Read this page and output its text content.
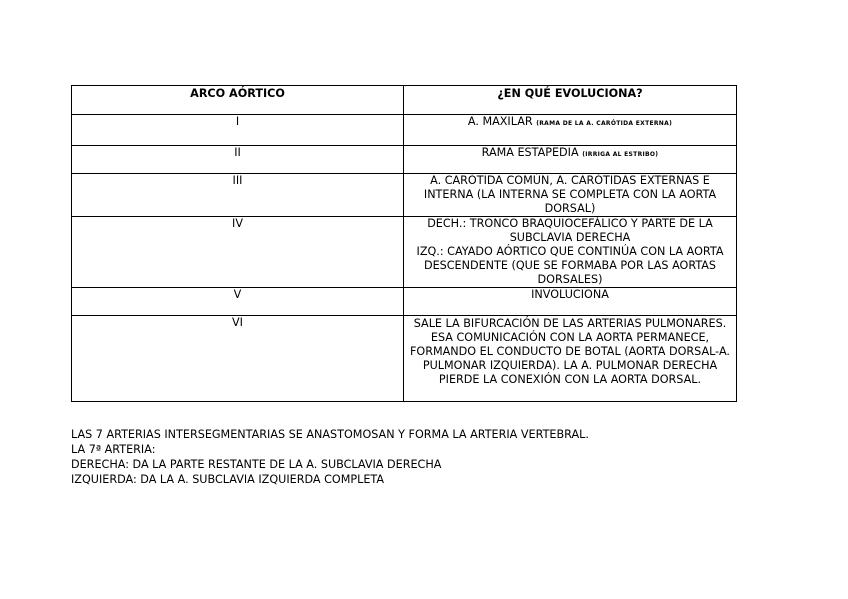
ARCO AÓRTICO	¿EN QUÉ EVOLUCIONA?
I	A. MAXILAR (RAMA DE LA A. CARÓTIDA EXTERNA)
II	RAMA ESTAPEDIA (IRRIGA AL ESTRIBO)
III	A. CARÓTIDA COMÚN, A. CARÓTIDAS EXTERNAS E INTERNA (LA INTERNA SE COMPLETA CON LA AORTA DORSAL)
IV	DECH.: TRONCO BRAQUIOCEFÁLICO Y PARTE DE LA SUBCLAVIA DERECHA
IZQ.: CAYADO AÓRTICO QUE CONTINÚA CON LA AORTA DESCENDENTE (QUE SE FORMABA POR LAS AORTAS DORSALES)

V	INVOLUCIONA
VI	SALE LA BIFURCACIÓN DE LAS ARTERIAS PULMONARES. ESA COMUNICACIÓN CON LA AORTA PERMANECE, FORMANDO EL CONDUCTO DE BOTAL (AORTA DORSAL-A. PULMONAR IZQUIERDA). LA A. PULMONAR DERECHA PIERDE LA CONEXIÓN CON LA AORTA DORSAL.
LAS 7 ARTERIAS INTERSEGMENTARIAS SE ANASTOMOSAN Y FORMA LA ARTERIA VERTEBRAL.
LA 7ª ARTERIA:
DERECHA: DA LA PARTE RESTANTE DE LA A. SUBCLAVIA DERECHA
IZQUIERDA: DA LA A. SUBCLAVIA IZQUIERDA COMPLETA
